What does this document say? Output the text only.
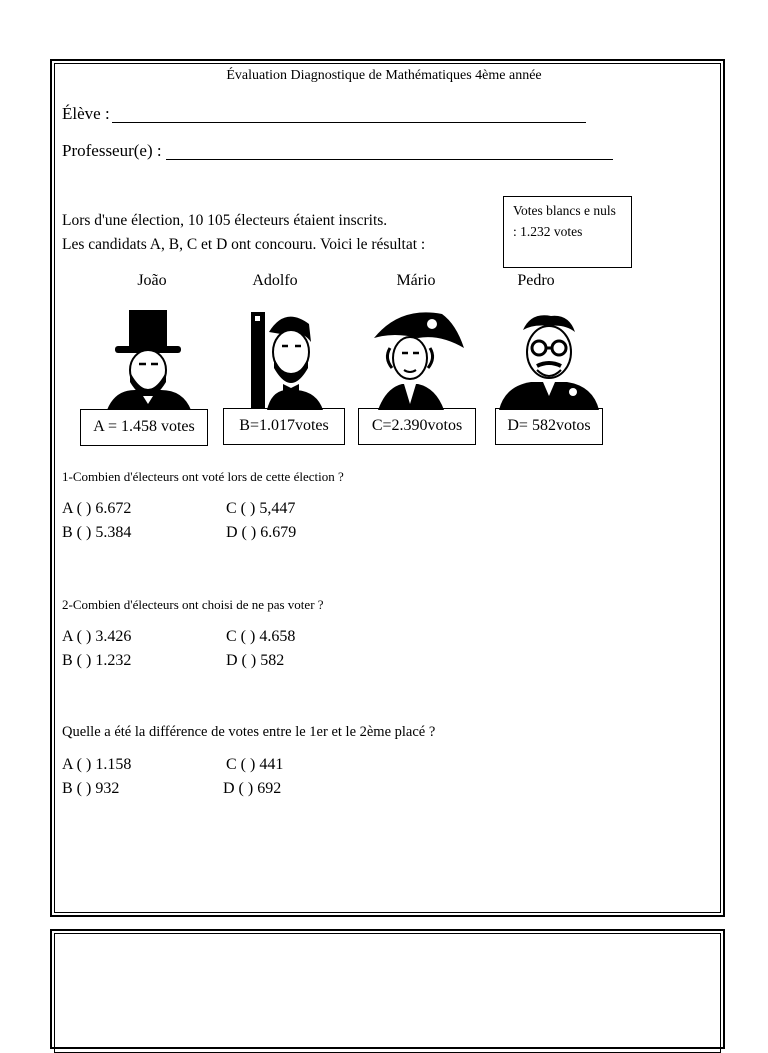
Évaluation Diagnostique de Mathématiques 4ème année
Élève :
Professeur(e) :
Lors d'une élection, 10 105 électeurs étaient inscrits.
Les candidats A, B, C et D ont concouru. Voici le résultat :
Votes blancs e nuls : 1.232 votes
João	Adolfo	Mário	Pedro
A = 1.458 votes	B=1.017votes	C=2.390votos	D= 582votos
1-Combien d'électeurs ont voté lors de cette élection ?
A ( ) 6.672	C ( ) 5,447
B ( ) 5.384	D ( ) 6.679
2-Combien d'électeurs ont choisi de ne pas voter ?
A ( ) 3.426	C ( ) 4.658
B ( ) 1.232	D ( ) 582
Quelle a été la différence de votes entre le 1er et le 2ème placé ?
A ( ) 1.158	C ( ) 441
B ( ) 932	D ( ) 692
